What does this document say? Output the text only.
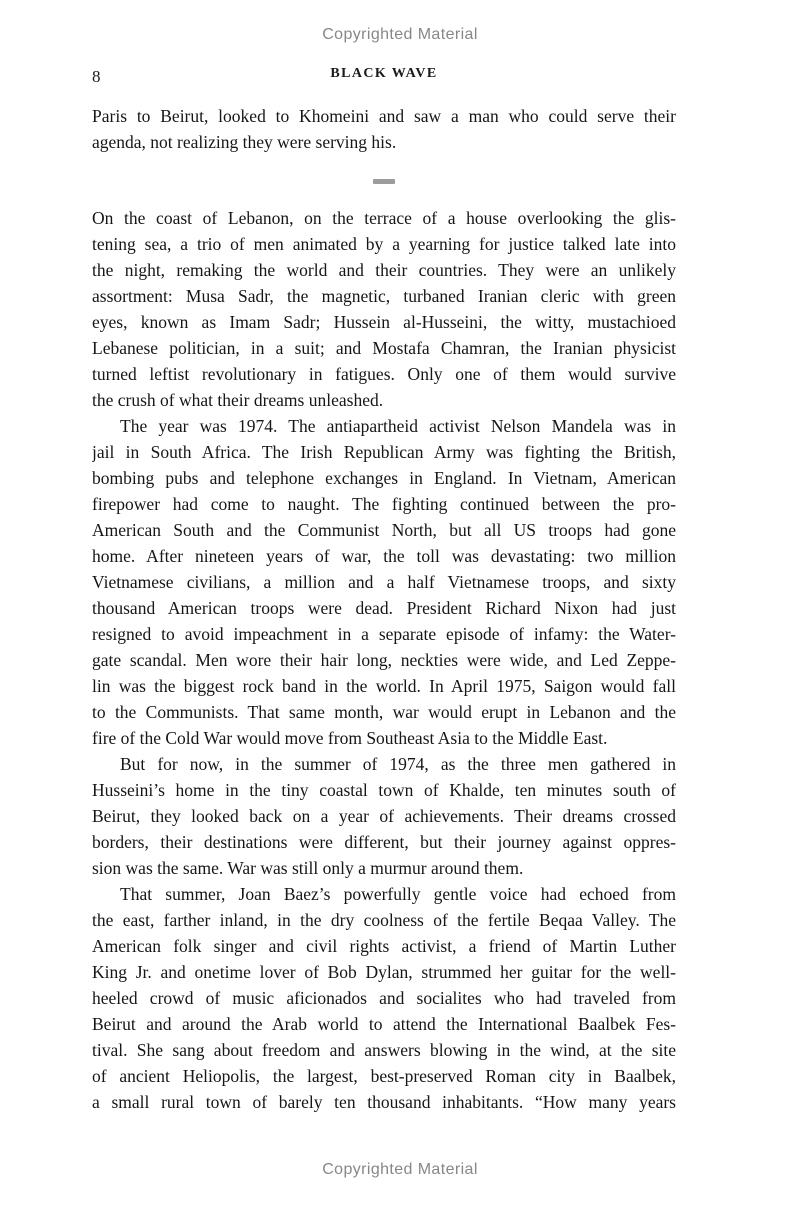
Copyrighted Material
8	BLACK WAVE
Paris to Beirut, looked to Khomeini and saw a man who could serve their
agenda, not realizing they were serving his.
On the coast of Lebanon, on the terrace of a house overlooking the glis-
tening sea, a trio of men animated by a yearning for justice talked late into
the night, remaking the world and their countries. They were an unlikely
assortment: Musa Sadr, the magnetic, turbaned Iranian cleric with green
eyes, known as Imam Sadr; Hussein al-Husseini, the witty, mustachioed
Lebanese politician, in a suit; and Mostafa Chamran, the Iranian physicist
turned leftist revolutionary in fatigues. Only one of them would survive
the crush of what their dreams unleashed.
The year was 1974. The antiapartheid activist Nelson Mandela was in
jail in South Africa. The Irish Republican Army was fighting the British,
bombing pubs and telephone exchanges in England. In Vietnam, American
firepower had come to naught. The fighting continued between the pro-
American South and the Communist North, but all US troops had gone
home. After nineteen years of war, the toll was devastating: two million
Vietnamese civilians, a million and a half Vietnamese troops, and sixty
thousand American troops were dead. President Richard Nixon had just
resigned to avoid impeachment in a separate episode of infamy: the Water-
gate scandal. Men wore their hair long, neckties were wide, and Led Zeppe-
lin was the biggest rock band in the world. In April 1975, Saigon would fall
to the Communists. That same month, war would erupt in Lebanon and the
fire of the Cold War would move from Southeast Asia to the Middle East.
But for now, in the summer of 1974, as the three men gathered in
Husseini’s home in the tiny coastal town of Khalde, ten minutes south of
Beirut, they looked back on a year of achievements. Their dreams crossed
borders, their destinations were different, but their journey against oppres-
sion was the same. War was still only a murmur around them.
That summer, Joan Baez’s powerfully gentle voice had echoed from
the east, farther inland, in the dry coolness of the fertile Beqaa Valley. The
American folk singer and civil rights activist, a friend of Martin Luther
King Jr. and onetime lover of Bob Dylan, strummed her guitar for the well-
heeled crowd of music aficionados and socialites who had traveled from
Beirut and around the Arab world to attend the International Baalbek Fes-
tival. She sang about freedom and answers blowing in the wind, at the site
of ancient Heliopolis, the largest, best-preserved Roman city in Baalbek,
a small rural town of barely ten thousand inhabitants. “How many years
Copyrighted Material
